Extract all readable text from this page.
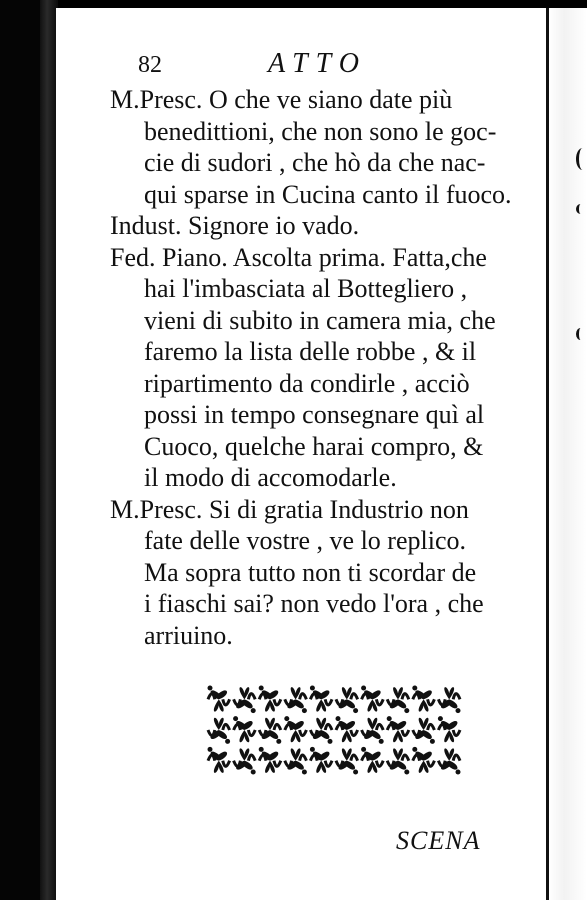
82	ATTO
M.Presc. O che ve siano date più
benedittioni, che non sono le goc-
cie di sudori , che hò da che nac-
qui sparse in Cucina canto il fuoco.
Indust. Signore io vado.
Fed. Piano. Ascolta prima. Fatta,che
hai l'imbasciata al Bottegliero ,
vieni di subito in camera mia, che
faremo la lista delle robbe , & il
ripartimento da condirle , acciò
possi in tempo consegnare quì al
Cuoco, quelche harai compro, &
il modo di accomodarle.
M.Presc. Si di gratia Industrio non
fate delle vostre , ve lo replico.
Ma sopra tutto non ti scordar de
i fiaschi sai? non vedo l'ora , che
arriuino.
SCENA
